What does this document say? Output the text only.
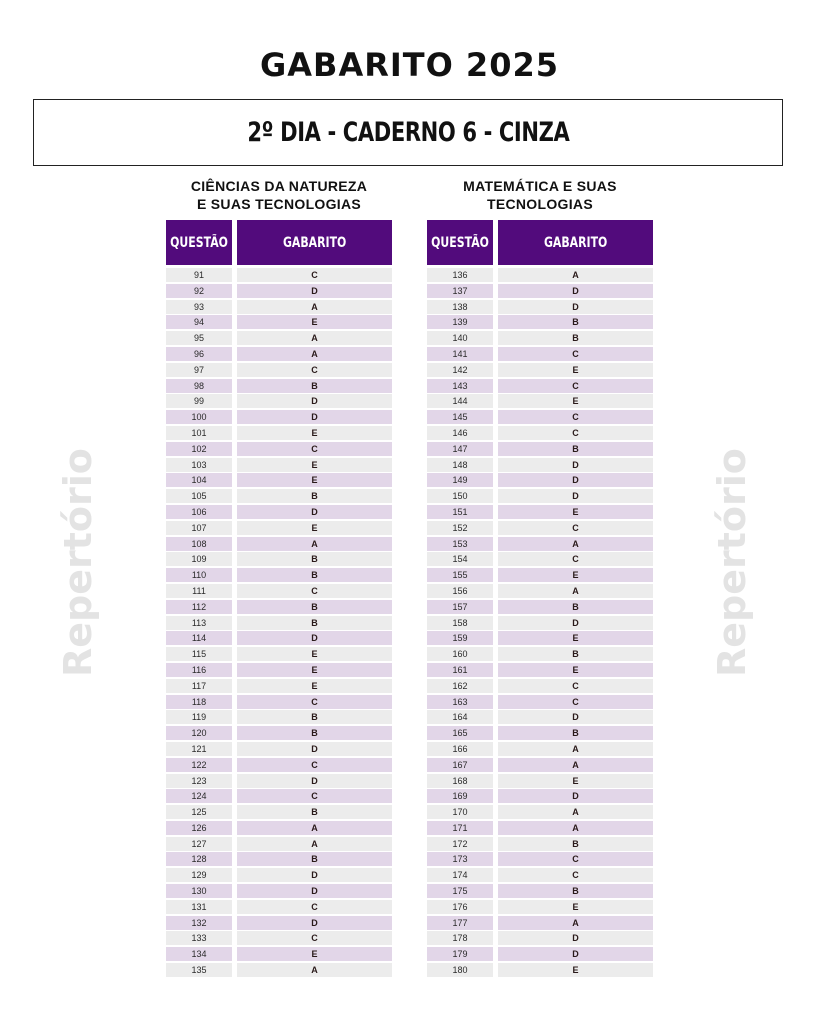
GABARITO 2025
2º DIA - CADERNO 6 - CINZA
CIÊNCIAS DA NATUREZA
E SUAS TECNOLOGIAS
MATEMÁTICA E SUAS
TECNOLOGIAS
QUESTÃO	GABARITO
91	C
92	D
93	A
94	E
95	A
96	A
97	C
98	B
99	D
100	D
101	E
102	C
103	E
104	E
105	B
106	D
107	E
108	A
109	B
110	B
111	C
112	B
113	B
114	D
115	E
116	E
117	E
118	C
119	B
120	B
121	D
122	C
123	D
124	C
125	B
126	A
127	A
128	B
129	D
130	D
131	C
132	D
133	C
134	E
135	A
QUESTÃO	GABARITO
136	A
137	D
138	D
139	B
140	B
141	C
142	E
143	C
144	E
145	C
146	C
147	B
148	D
149	D
150	D
151	E
152	C
153	A
154	C
155	E
156	A
157	B
158	D
159	E
160	B
161	E
162	C
163	C
164	D
165	B
166	A
167	A
168	E
169	D
170	A
171	A
172	B
173	C
174	C
175	B
176	E
177	A
178	D
179	D
180	E
Repertório	Repertório
